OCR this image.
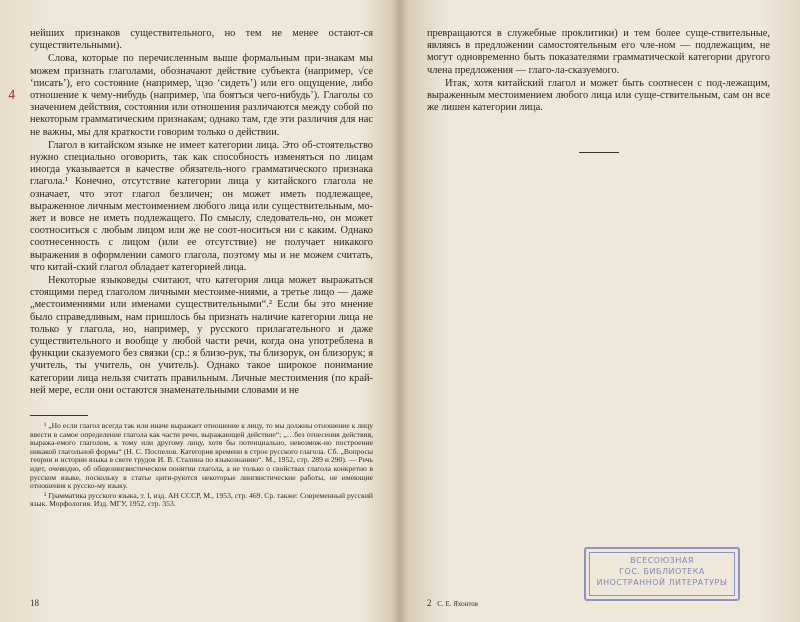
нейших признаков существительного, но тем не менее остают-ся существительными).

Слова, которые по перечисленным выше формальным при-знакам мы можем признать глаголами, обозначают действие субъекта (например, √се ‘писать’), его состояние (например, \цзо ‘сидеть’) или его ощущение, либо отношение к чему-нибудь (например, \па боятъся чего-нибудь’). Глаголы со значением действия, состояния или отношения различаются между собой по некоторым грамматическим признакам; однако там, где эти различия для нас не важны, мы для краткости говорим только о действии.

Глагол в китайском языке не имеет категории лица. Это об-стоятельство нужно специально оговорить, так как способность изменяться по лицам иногда указывается в качестве обязатель-ного грамматического признака глагола.¹ Конечно, отсутствие категории лица у китайского глагола не означает, что этот глагол безличен; он может иметь подлежащее, выраженное личным местоимением любого лица или существительным, мо-жет и вовсе не иметь подлежащего. По смыслу, следователь-но, он может соотноситься с любым лицом или же не соот-носиться ни с каким. Однако соотнесенность с лицом (или ее отсутствие) не получает никакого выражения в оформлении самого глагола, поэтому мы и не можем считать, что китай-ский глагол обладает категорией лица.

Некоторые языковеды считают, что категория лица может выражаться стоящими перед глаголом личными местоиме-ниями, а третье лицо — даже „местоимениями или именами существительными“.² Если бы это мнение было справедливым, нам пришлось бы признать наличие категории лица не только у глагола, но, например, у русского прилагательного и даже существительного и вообще у любой части речи, когда она употреблена в функции сказуемого без связки (ср.: я близо-рук, ты близорук, он близорук; я учитель, ты учитель, он учитель). Однако такое широкое понимание категории лица нельзя считать правильным. Личные местоимения (по край-ней мере, если они остаются знаменательными словами и не

¹ „Но если глагол всегда так или иначе выражает отношение к лицу, то мы должны отношение к лицу ввести в самое определение глагола как части речи, выражающей действие“; „…без отнесения действия, выража-емого глаголом, к тому или другому лицу, хотя бы потенциально, невозмож-но построение никакой глагольной формы“ (Н. С. Поспелов. Категория времени в строе русского глагола. Сб. „Вопросы теории и истории языка в свете трудов И. В. Сталина по языкознанию“. М., 1952, стр. 289 и 290). — Речь идет, очевидно, об общелингвистическом понятии глагола, а не только о свойствах глагола конкретно в русском языке, поскольку в статье цити-руются некоторые лингвистические работы, не имеющие отношения к русско-му языку.

² Грамматика русского языка, т. I, изд. АН СССР, М., 1953, стр. 469. Ср. также: Современный русский язык. Морфология. Изд. МГУ, 1952, стр. 353.

18
4

превращаются в служебные проклитики) и тем более суще-ствительные, являясь в предложении самостоятельным его чле-ном — подлежащим, не могут одновременно быть показателями грамматической категории другого члена предложения — глаго-ла-сказуемого.

Итак, хотя китайский глагол и может быть соотнесен с под-лежащим, выраженным местоимением любого лица или суще-ствительным, сам он все же лишен категории лица.

2 С. Е. Яхонтов
ВСЕСОЮЗНАЯ
ГОС. БИБЛИОТЕКА
ИНОСТРАННОЙ ЛИТЕРАТУРЫ
